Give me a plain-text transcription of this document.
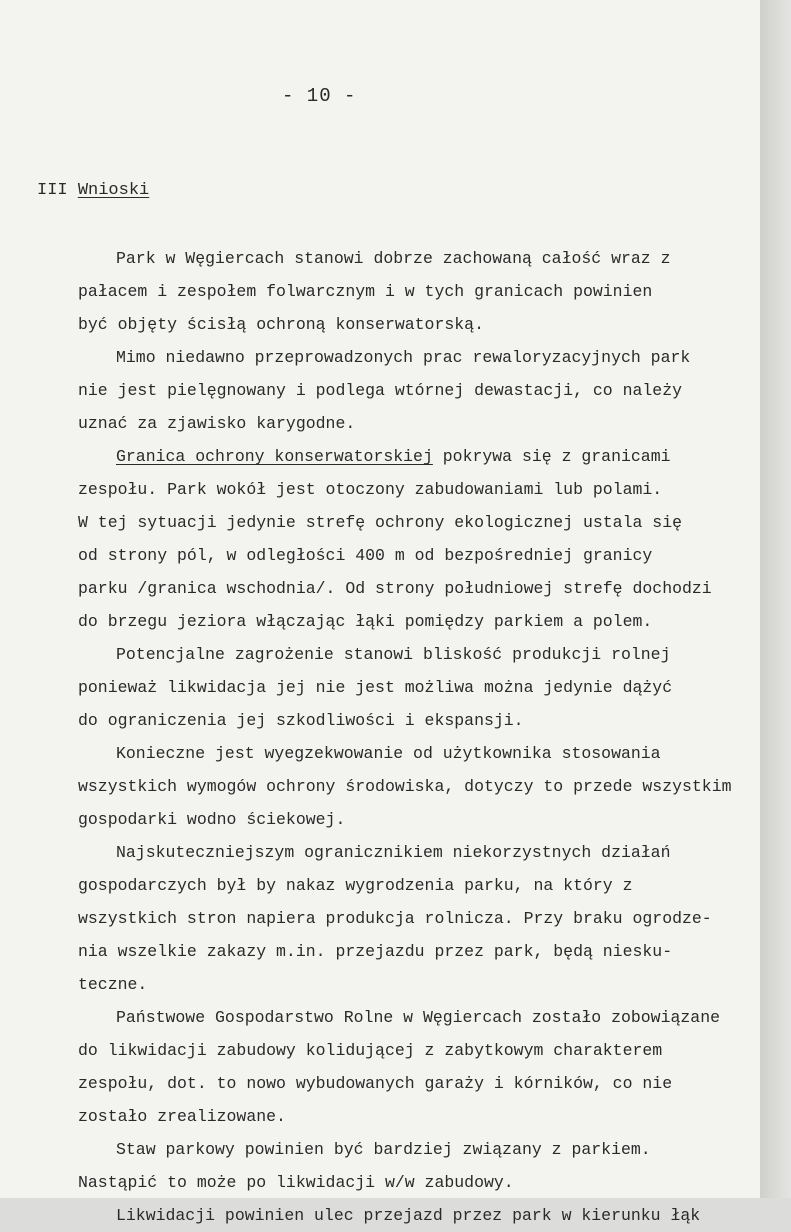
- 10 -
III Wnioski
Park w Węgiercach stanowi dobrze zachowaną całość wraz z
pałacem i zespołem folwarcznym i w tych granicach powinien
być objęty ścisłą ochroną konserwatorską.
Mimo niedawno przeprowadzonych prac rewaloryzacyjnych park
nie jest pielęgnowany i podlega wtórnej dewastacji, co należy
uznać za zjawisko karygodne.
Granica ochrony konserwatorskiej pokrywa się z granicami
zespołu. Park wokół jest otoczony zabudowaniami lub polami.
W tej sytuacji jedynie strefę ochrony ekologicznej ustala się
od strony pól, w odległości 400 m od bezpośredniej granicy
parku /granica wschodnia/. Od strony południowej strefę dochodzi
do brzegu jeziora włączając łąki pomiędzy parkiem a polem.
Potencjalne zagrożenie stanowi bliskość produkcji rolnej
ponieważ likwidacja jej nie jest możliwa można jedynie dążyć
do ograniczenia jej szkodliwości i ekspansji.
Konieczne jest wyegzekwowanie od użytkownika stosowania
wszystkich wymogów ochrony środowiska, dotyczy to przede wszystkim
gospodarki wodno ściekowej.
Najskuteczniejszym ogranicznikiem niekorzystnych działań
gospodarczych był by nakaz wygrodzenia parku, na który z
wszystkich stron napiera produkcja rolnicza. Przy braku ogrodze-
nia wszelkie zakazy m.in. przejazdu przez park, będą niesku-
teczne.
Państwowe Gospodarstwo Rolne w Węgiercach zostało zobowiązane
do likwidacji zabudowy kolidującej z zabytkowym charakterem
zespołu, dot. to nowo wybudowanych garaży i kórników, co nie
zostało zrealizowane.
Staw parkowy powinien być bardziej związany z parkiem.
Nastąpić to może po likwidacji w/w zabudowy.
Likwidacji powinien ulec przejazd przez park w kierunku łąk
